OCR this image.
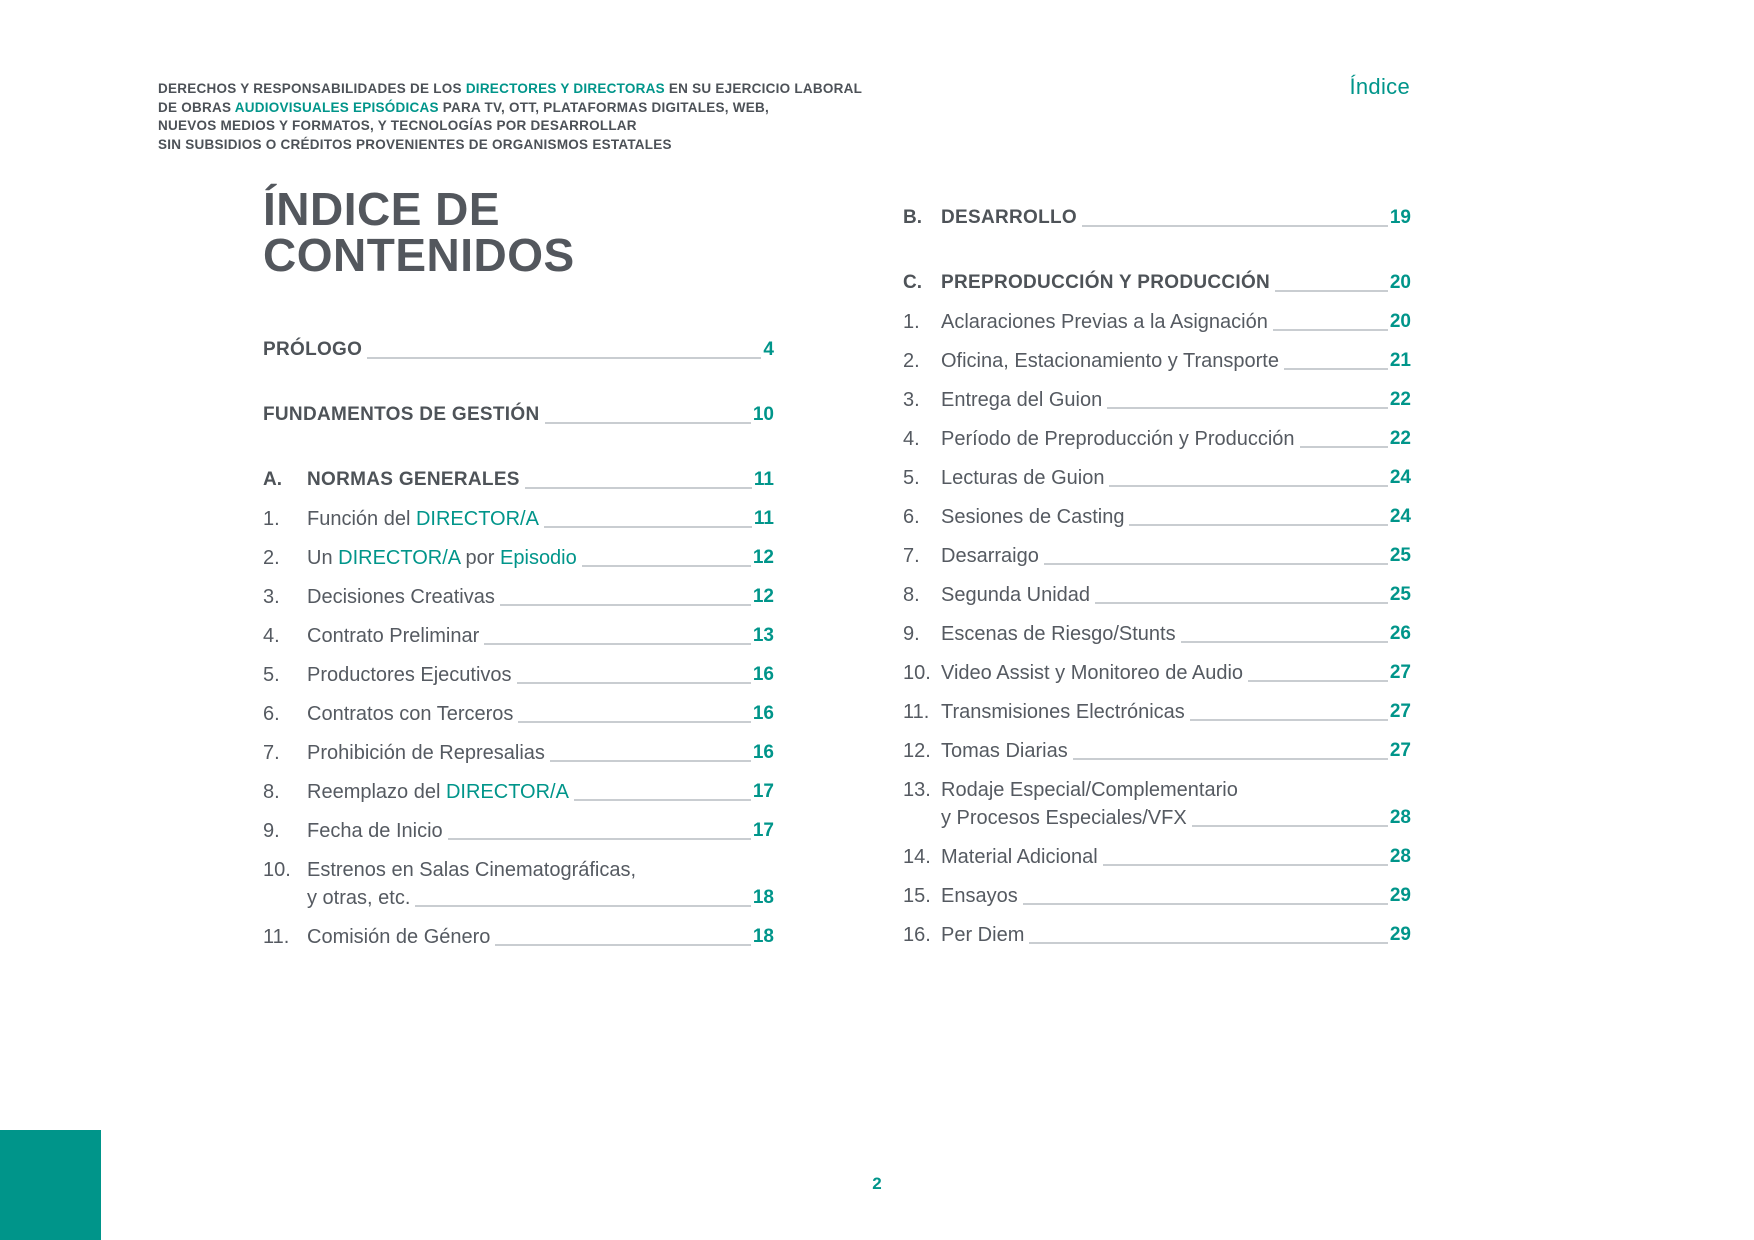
DERECHOS Y RESPONSABILIDADES DE LOS DIRECTORES Y DIRECTORAS EN SU EJERCICIO LABORAL
DE OBRAS AUDIOVISUALES EPISÓDICAS PARA TV, OTT, PLATAFORMAS DIGITALES, WEB,
NUEVOS MEDIOS Y FORMATOS, Y TECNOLOGÍAS POR DESARROLLAR
SIN SUBSIDIOS O CRÉDITOS PROVENIENTES DE ORGANISMOS ESTATALES
Índice
ÍNDICE DE
CONTENIDOS
PRÓLOGO	4
FUNDAMENTOS DE GESTIÓN	10
A.	NORMAS GENERALES	11
1.	Función del DIRECTOR/A	11
2.	Un DIRECTOR/A por Episodio	12
3.	Decisiones Creativas	12
4.	Contrato Preliminar	13
5.	Productores Ejecutivos	16
6.	Contratos con Terceros	16
7.	Prohibición de Represalias	16
8.	Reemplazo del DIRECTOR/A	17
9.	Fecha de Inicio	17
10. Estrenos en Salas Cinematográficas,
y otras, etc.	18
11. Comisión de Género	18
B.	DESARROLLO	19
C.	PREPRODUCCIÓN Y PRODUCCIÓN	20
1.	Aclaraciones Previas a la Asignación	20
2.	Oficina, Estacionamiento y Transporte	21
3.	Entrega del Guion	22
4.	Período de Preproducción y Producción	22
5.	Lecturas de Guion	24
6.	Sesiones de Casting	24
7.	Desarraigo	25
8.	Segunda Unidad	25
9.	Escenas de Riesgo/Stunts	26
10. Video Assist y Monitoreo de Audio	27
11. Transmisiones Electrónicas	27
12. Tomas Diarias	27
13. Rodaje Especial/Complementario
y Procesos Especiales/VFX	28
14. Material Adicional	28
15. Ensayos	29
16. Per Diem	29
2
